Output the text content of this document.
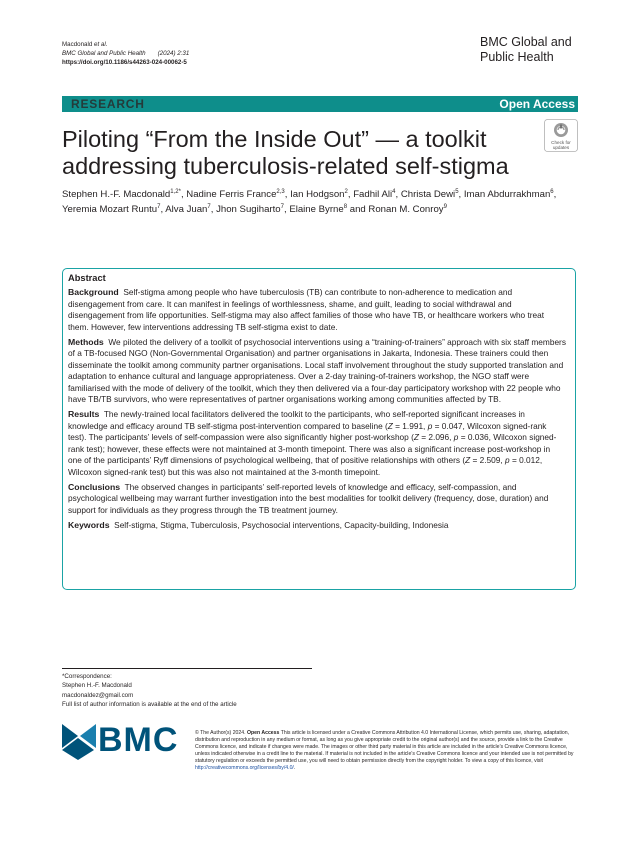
Macdonald et al.
BMC Global and Public Health (2024) 2:31
https://doi.org/10.1186/s44263-024-00062-5
BMC Global and
Public Health
RESEARCH	Open Access
Piloting “From the Inside Out” — a toolkit
addressing tuberculosis-related self-stigma
Check for
updates
Stephen H.-F. Macdonald$^{1,2*}$, Nadine Ferris France$^{2,3}$, Ian Hodgson$^2$, Fadhil Ali$^4$, Christa Dewi$^5$, Iman Abdurrakhman$^6$, Yeremia Mozart Runtu$^7$, Alva Juan$^7$, Jhon Sugiharto$^7$, Elaine Byrne$^8$ and Ronan M. Conroy$^9$
Abstract

Background Self-stigma among people who have tuberculosis (TB) can contribute to non-adherence to medication and disengagement from care. It can manifest in feelings of worthlessness, shame, and guilt, leading to social withdrawal and disengagement from life opportunities. Self-stigma may also affect families of those who have TB, or healthcare workers who treat them. However, few interventions addressing TB self-stigma exist to date.

Methods We piloted the delivery of a toolkit of psychosocial interventions using a “training-of-trainers” approach with six staff members of a TB-focused NGO (Non-Governmental Organisation) and partner organisations in Jakarta, Indonesia. These trainers could then disseminate the toolkit among community partner organisations. Local staff involvement throughout the study supported translation and adaptation to enhance cultural and language appropriateness. Over a 2-day training-of-trainers workshop, the NGO staff were familiarised with the mode of delivery of the toolkit, which they then delivered via a four-day participatory workshop with 22 people who have TB/TB survivors, who were representatives of partner organisations working among communities affected by TB.

Results The newly-trained local facilitators delivered the toolkit to the participants, who self-reported significant increases in knowledge and efficacy around TB self-stigma post-intervention compared to baseline (Z = 1.991, p = 0.047, Wilcoxon signed-rank test). The participants’ levels of self-compassion were also significantly higher post-workshop (Z = 2.096, p = 0.036, Wilcoxon signed-rank test); however, these effects were not maintained at 3-month timepoint. There was also a significant increase post-workshop in one of the participants’ Ryff dimensions of psychological wellbeing, that of positive relationships with others (Z = 2.509, p = 0.012, Wilcoxon signed-rank test) but this was also not maintained at the 3-month timepoint.

Conclusions The observed changes in participants’ self-reported levels of knowledge and efficacy, self-compassion, and psychological wellbeing may warrant further investigation into the best modalities for toolkit delivery (frequency, dose, duration) and support for individuals as they progress through the TB treatment journey.

Keywords Self-stigma, Stigma, Tuberculosis, Psychosocial interventions, Capacity-building, Indonesia

*Correspondence:
Stephen H.-F. Macdonald
macdonaldez@gmail.com
Full list of author information is available at the end of the article
BMC	© The Author(s) 2024. Open Access This article is licensed under a Creative Commons Attribution 4.0 International License, which permits use, sharing, adaptation, distribution and reproduction in any medium or format, as long as you give appropriate credit to the original author(s) and the source, provide a link to the Creative Commons licence, and indicate if changes were made. The images or other third party material in this article are included in the article’s Creative Commons licence, unless indicated otherwise in a credit line to the material. If material is not included in the article’s Creative Commons licence and your intended use is not permitted by statutory regulation or exceeds the permitted use, you will need to obtain permission directly from the copyright holder. To view a copy of this licence, visit http://creativecommons.org/licenses/by/4.0/.
